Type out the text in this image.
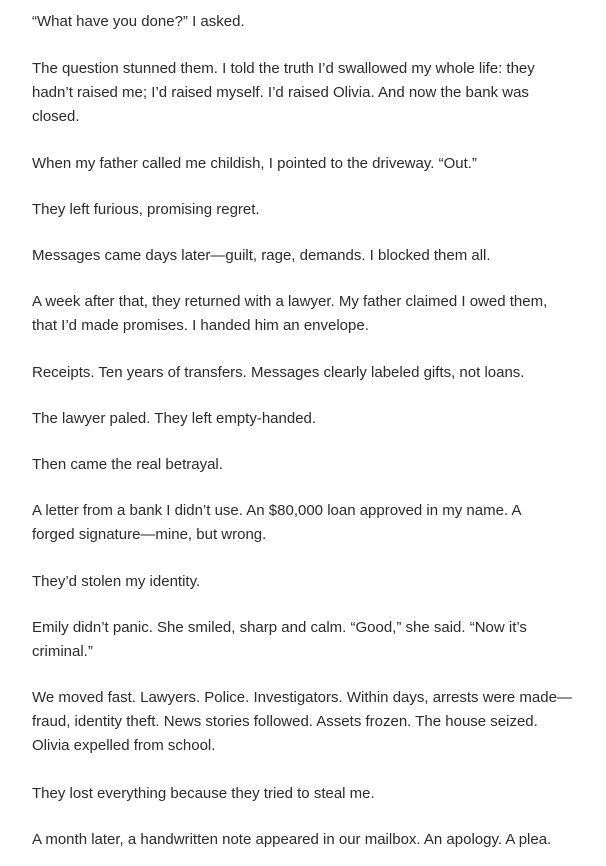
“What have you done?” I asked.

The question stunned them. I told the truth I’d swallowed my whole life: they
hadn’t raised me; I’d raised myself. I’d raised Olivia. And now the bank was
closed.

When my father called me childish, I pointed to the driveway. “Out.”

They left furious, promising regret.

Messages came days later—guilt, rage, demands. I blocked them all.

A week after that, they returned with a lawyer. My father claimed I owed them,
that I’d made promises. I handed him an envelope.

Receipts. Ten years of transfers. Messages clearly labeled gifts, not loans.

The lawyer paled. They left empty-handed.

Then came the real betrayal.

A letter from a bank I didn’t use. An $80,000 loan approved in my name. A
forged signature—mine, but wrong.

They’d stolen my identity.

Emily didn’t panic. She smiled, sharp and calm. “Good,” she said. “Now it’s
criminal.”

We moved fast. Lawyers. Police. Investigators. Within days, arrests were made—
fraud, identity theft. News stories followed. Assets frozen. The house seized.
Olivia expelled from school.

They lost everything because they tried to steal me.

A month later, a handwritten note appeared in our mailbox. An apology. A plea.
